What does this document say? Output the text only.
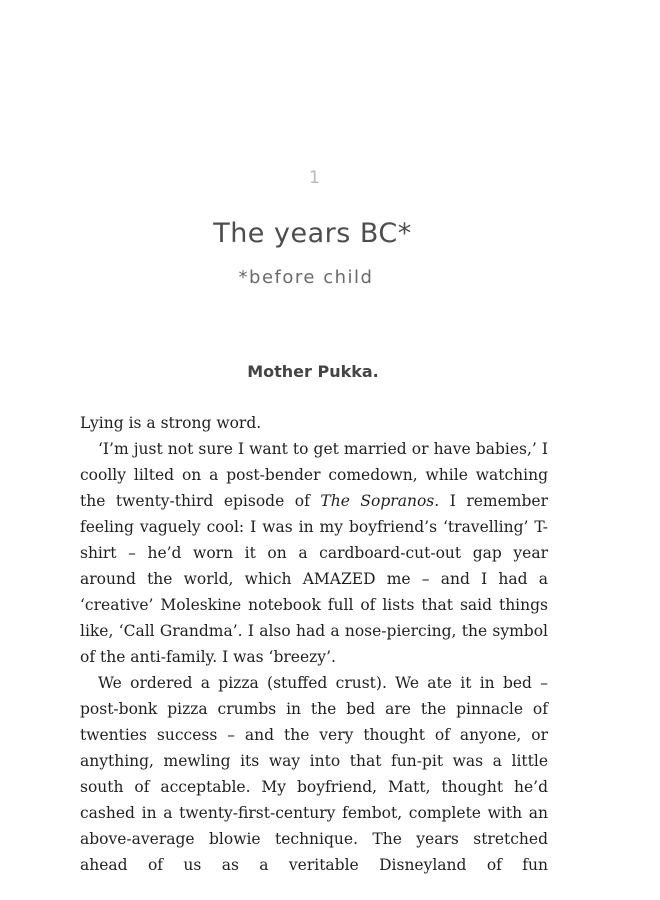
1
The years BC*
*before child
Mother Pukka.

Lying is a strong word.

‘I’m just not sure I want to get married or have babies,’ I coolly lilted on a post-bender comedown, while watching the twenty-third episode of The Sopranos. I remember feeling vaguely cool: I was in my boyfriend’s ‘travelling’ T-shirt – he’d worn it on a cardboard-cut-out gap year around the world, which AMAZED me – and I had a ‘creative’ Moleskine notebook full of lists that said things like, ‘Call Grandma’. I also had a nose-piercing, the symbol of the anti-family. I was ‘breezy’.

We ordered a pizza (stuffed crust). We ate it in bed – post-bonk pizza crumbs in the bed are the pinnacle of twenties success – and the very thought of anyone, or anything, mewling its way into that fun-pit was a little south of acceptable. My boyfriend, Matt, thought he’d cashed in a twenty-first-century fembot, complete with an above-average blowie technique. The years stretched ahead of us as a veritable Disneyland of fun
